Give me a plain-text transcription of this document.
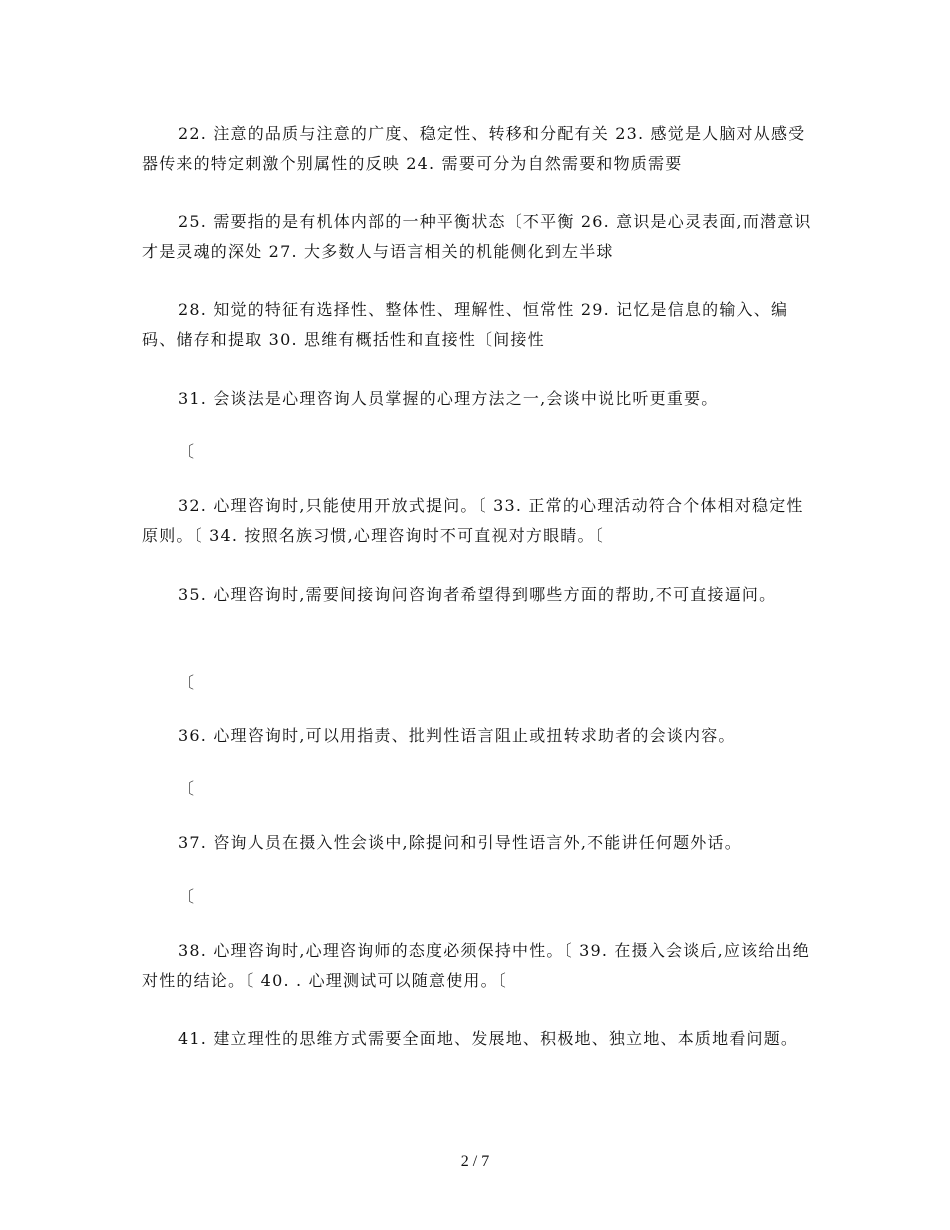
22. 注意的品质与注意的广度、稳定性、转移和分配有关 23. 感觉是人脑对从感受器传来的特定刺激个别属性的反映 24. 需要可分为自然需要和物质需要

25. 需要指的是有机体内部的一种平衡状态〔不平衡 26. 意识是心灵表面,而潜意识才是灵魂的深处 27. 大多数人与语言相关的机能侧化到左半球

28. 知觉的特征有选择性、整体性、理解性、恒常性 29. 记忆是信息的输入、编码、储存和提取 30. 思维有概括性和直接性〔间接性

31. 会谈法是心理咨询人员掌握的心理方法之一,会谈中说比听更重要。

〔

32. 心理咨询时,只能使用开放式提问。〔 33. 正常的心理活动符合个体相对稳定性原则。〔 34. 按照名族习惯,心理咨询时不可直视对方眼睛。〔

35. 心理咨询时,需要间接询问咨询者希望得到哪些方面的帮助,不可直接逼问。

〔

36. 心理咨询时,可以用指责、批判性语言阻止或扭转求助者的会谈内容。

〔

37. 咨询人员在摄入性会谈中,除提问和引导性语言外,不能讲任何题外话。

〔

38. 心理咨询时,心理咨询师的态度必须保持中性。〔 39. 在摄入会谈后,应该给出绝对性的结论。〔 40. . 心理测试可以随意使用。〔

41. 建立理性的思维方式需要全面地、发展地、积极地、独立地、本质地看问题。

2 / 7
